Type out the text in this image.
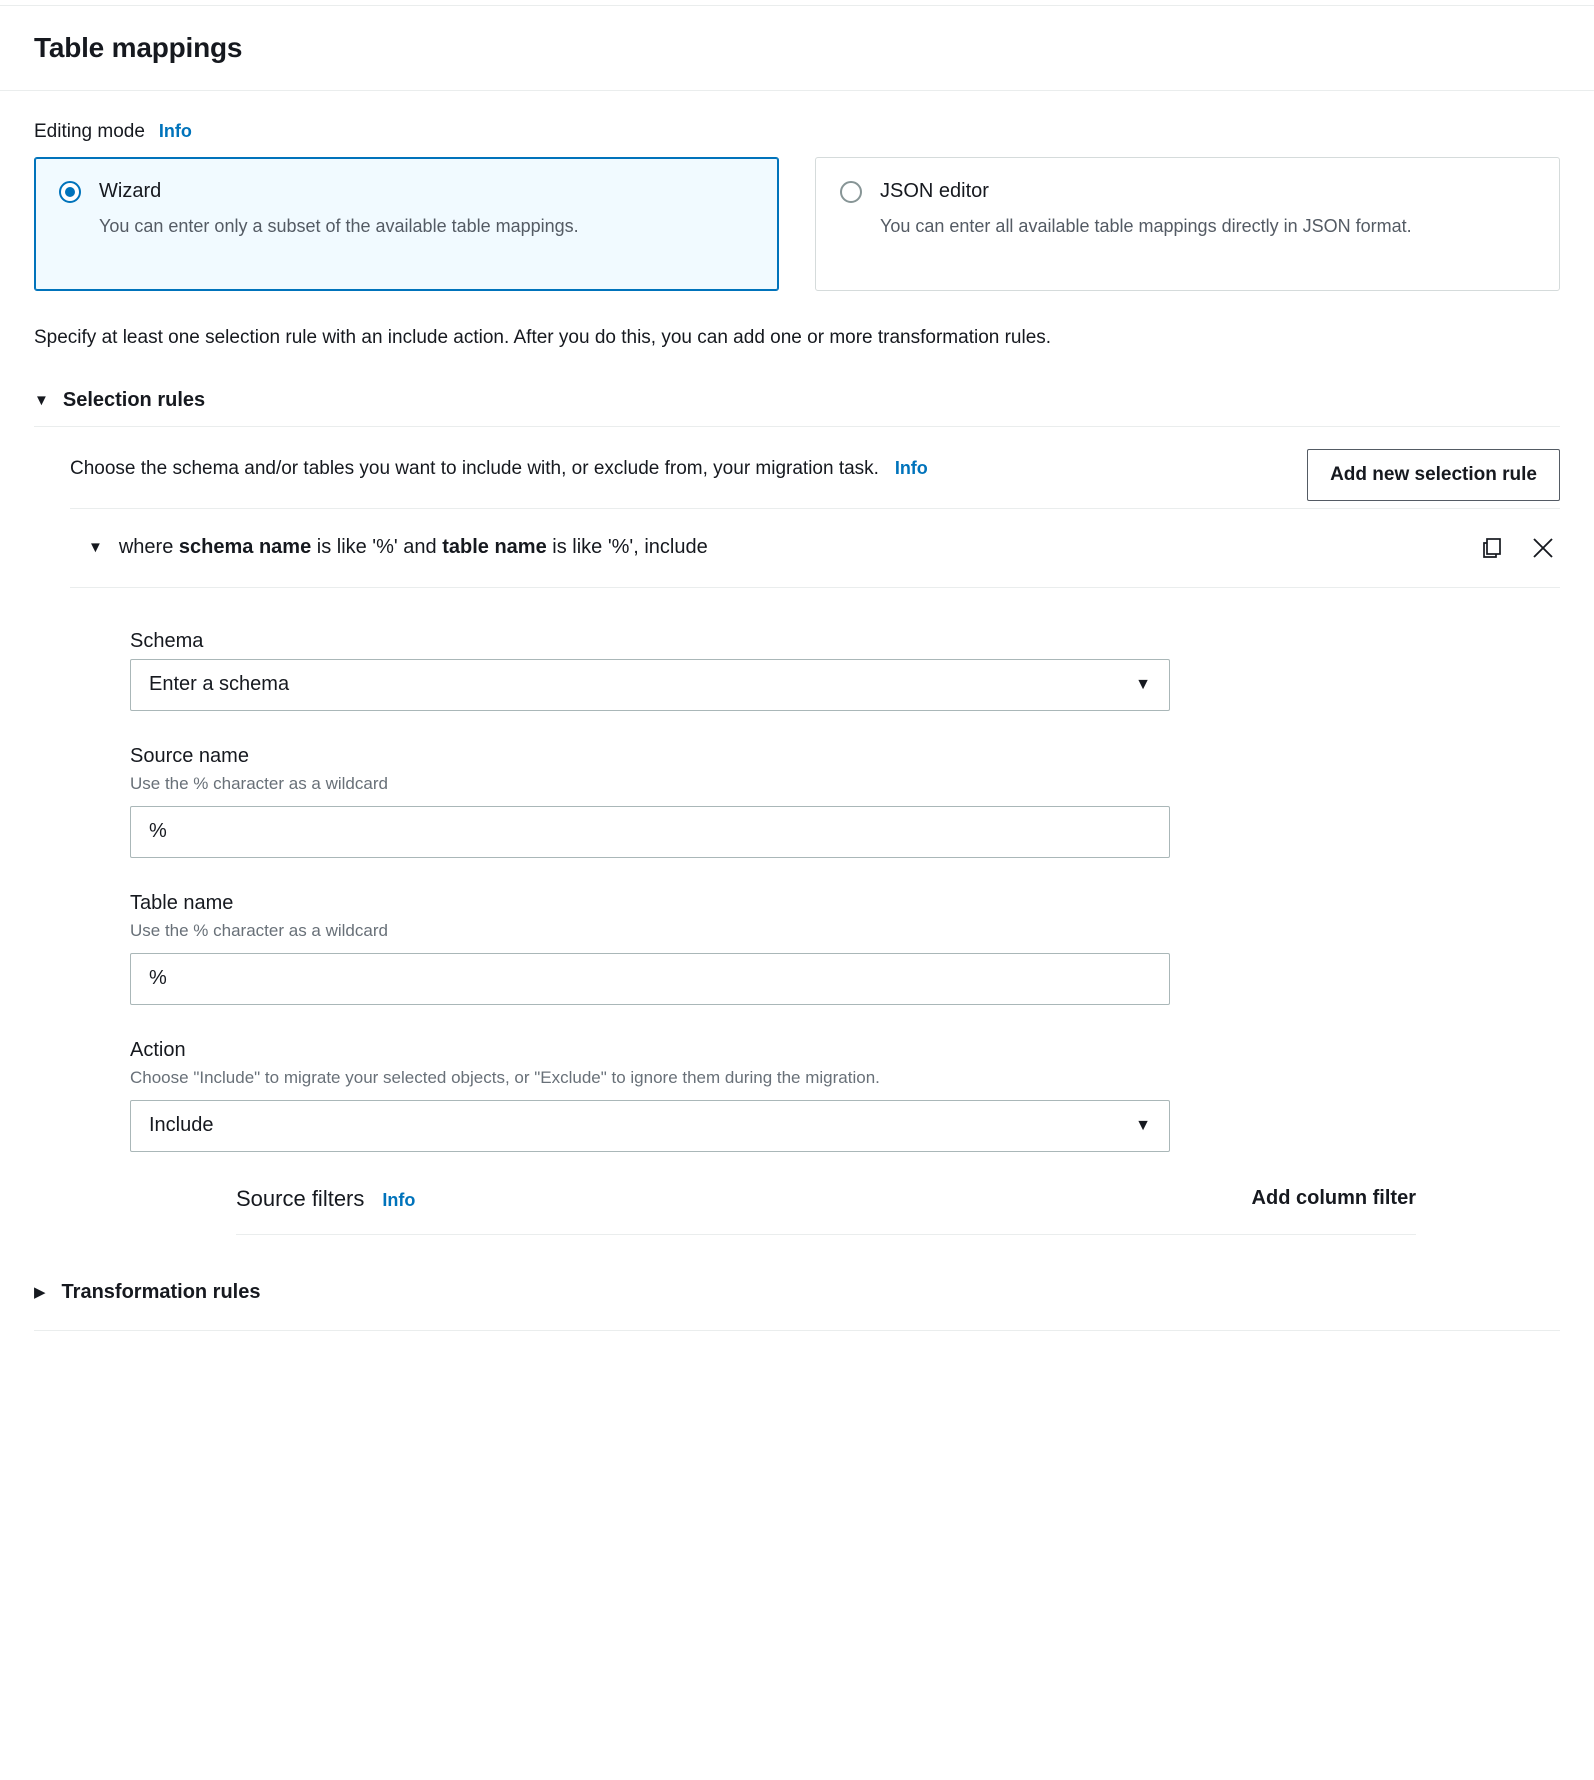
Table mappings
Editing mode Info
Wizard
You can enter only a subset of the available table mappings.
JSON editor
You can enter all available table mappings directly in JSON format.
Specify at least one selection rule with an include action. After you do this, you can add one or more transformation rules.
▼ Selection rules
Choose the schema and/or tables you want to include with, or exclude from, your migration task. Info	Add new selection rule
▼ where schema name is like '%' and table name is like '%', include
Schema
Enter a schema	▼
Source name
Use the % character as a wildcard
%
Table name
Use the % character as a wildcard
%
Action
Choose "Include" to migrate your selected objects, or "Exclude" to ignore them during the migration.
Include	▼
Source filters Info	Add column filter
▶ Transformation rules
